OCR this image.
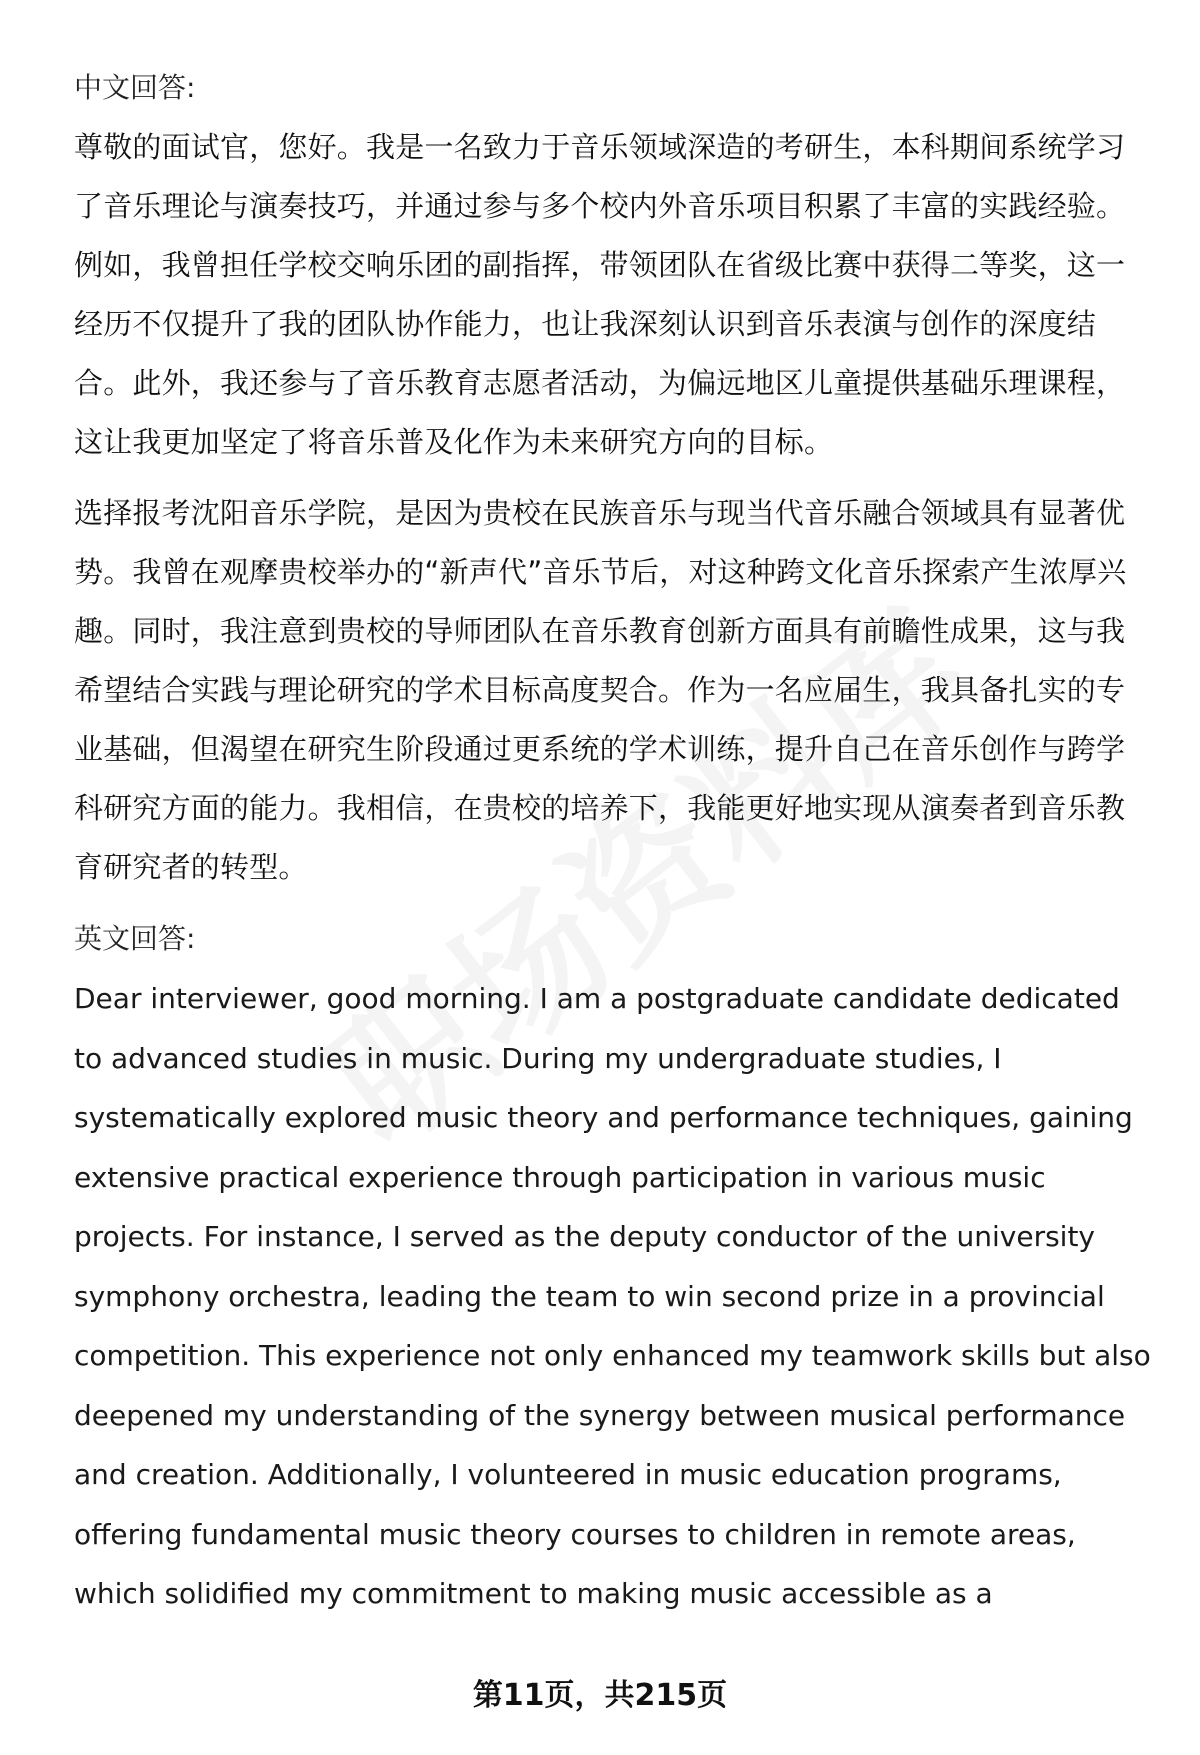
中文回答:

尊敬的面试官，您好。我是一名致力于音乐领域深造的考研生，本科期间系统学习了音乐理论与演奏技巧，并通过参与多个校内外音乐项目积累了丰富的实践经验。例如，我曾担任学校交响乐团的副指挥，带领团队在省级比赛中获得二等奖，这一经历不仅提升了我的团队协作能力，也让我深刻认识到音乐表演与创作的深度结合。此外，我还参与了音乐教育志愿者活动，为偏远地区儿童提供基础乐理课程，这让我更加坚定了将音乐普及化作为未来研究方向的目标。

选择报考沈阳音乐学院，是因为贵校在民族音乐与现当代音乐融合领域具有显著优势。我曾在观摩贵校举办的“新声代”音乐节后，对这种跨文化音乐探索产生浓厚兴趣。同时，我注意到贵校的导师团队在音乐教育创新方面具有前瞻性成果，这与我希望结合实践与理论研究的学术目标高度契合。作为一名应届生，我具备扎实的专业基础，但渴望在研究生阶段通过更系统的学术训练，提升自己在音乐创作与跨学科研究方面的能力。我相信，在贵校的培养下，我能更好地实现从演奏者到音乐教育研究者的转型。

英文回答:

Dear interviewer, good morning. I am a postgraduate candidate dedicated to advanced studies in music. During my undergraduate studies, I systematically explored music theory and performance techniques, gaining extensive practical experience through participation in various music projects. For instance, I served as the deputy conductor of the university symphony orchestra, leading the team to win second prize in a provincial competition. This experience not only enhanced my teamwork skills but also deepened my understanding of the synergy between musical performance and creation. Additionally, I volunteered in music education programs, offering fundamental music theory courses to children in remote areas, which solidified my commitment to making music accessible as a

第11页，共215页
